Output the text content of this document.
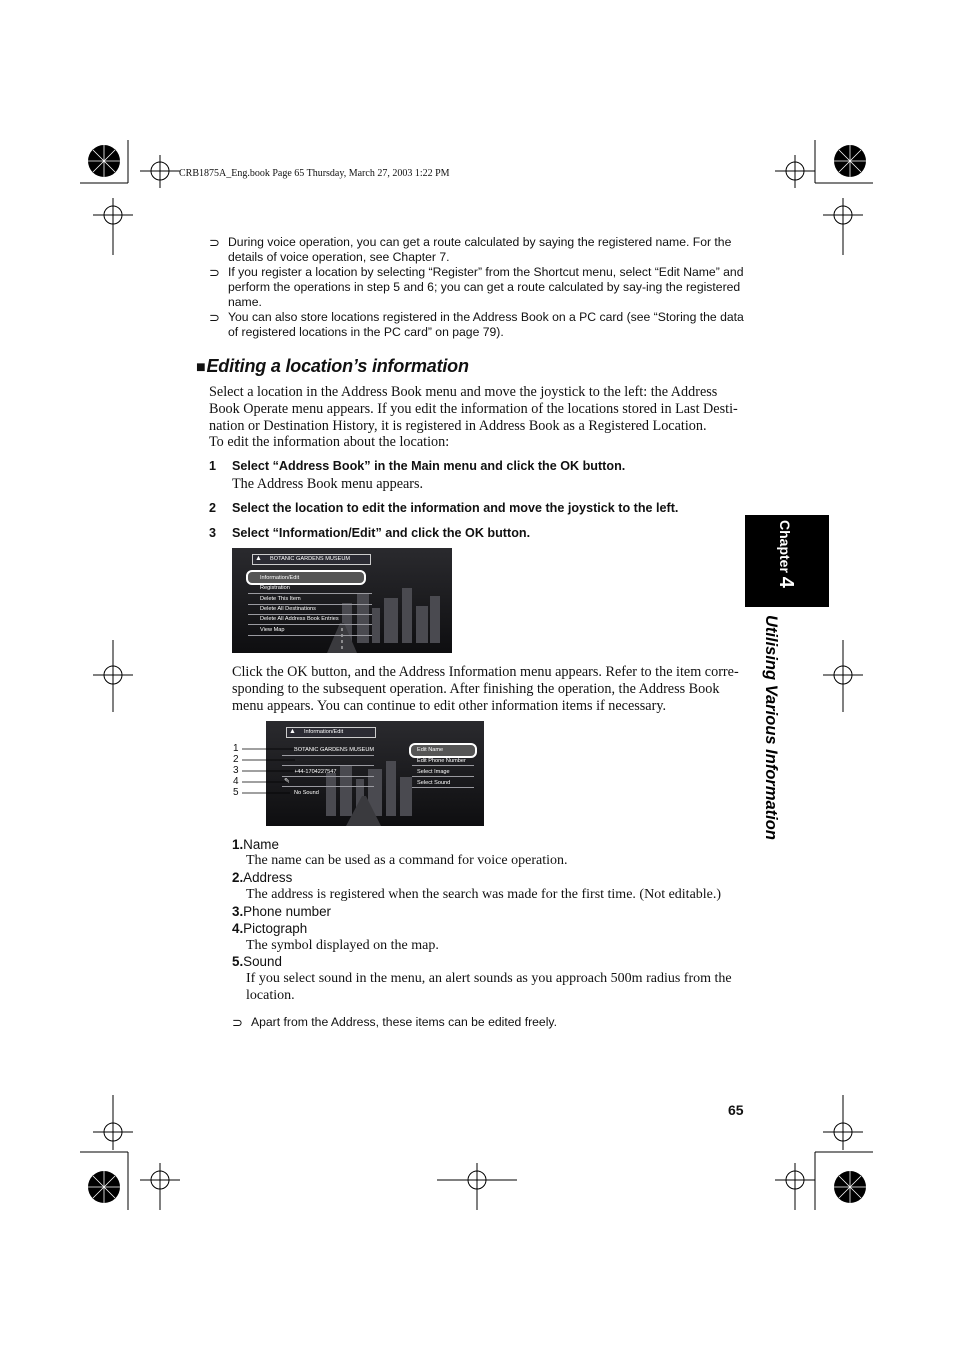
CRB1875A_Eng.book Page 65 Thursday, March 27, 2003 1:22 PM
⊃ During voice operation, you can get a route calculated by saying the registered name. For the details of voice operation, see Chapter 7.
⊃ If you register a location by selecting “Register” from the Shortcut menu, select “Edit Name” and perform the operations in step 5 and 6; you can get a route calculated by say-ing the registered name.
⊃ You can also store locations registered in the Address Book on a PC card (see “Storing the data of registered locations in the PC card” on page 79).
■Editing a location’s information
Select a location in the Address Book menu and move the joystick to the left: the Address Book Operate menu appears. If you edit the information of the locations stored in Last Desti-nation or Destination History, it is registered in Address Book as a Registered Location.
To edit the information about the location:
1 Select “Address Book” in the Main menu and click the OK button.
The Address Book menu appears.
2 Select the location to edit the information and move the joystick to the left.
3 Select “Information/Edit” and click the OK button.
▲ BOTANIC GARDENS MUSEUM
Information/Edit
Registration
Delete This Item
Delete All Destinations
Delete All Address Book Entries
View Map
Click the OK button, and the Address Information menu appears. Refer to the item corre-sponding to the subsequent operation. After finishing the operation, the Address Book menu appears. You can continue to edit other information items if necessary.
▲ Information/Edit
BOTANIC GARDENS MUSEUM
+44-1704227547
✎
No Sound
Edit Name
Edit Phone Number
Select Image
Select Sound
1
2
3
4
5
1.Name
The name can be used as a command for voice operation.
2.Address
The address is registered when the search was made for the first time. (Not editable.)
3.Phone number
4.Pictograph
The symbol displayed on the map.
5.Sound
If you select sound in the menu, an alert sounds as you approach 500m radius from the location.
⊃ Apart from the Address, these items can be edited freely.
Chapter 4
Utilising Various Information
65
